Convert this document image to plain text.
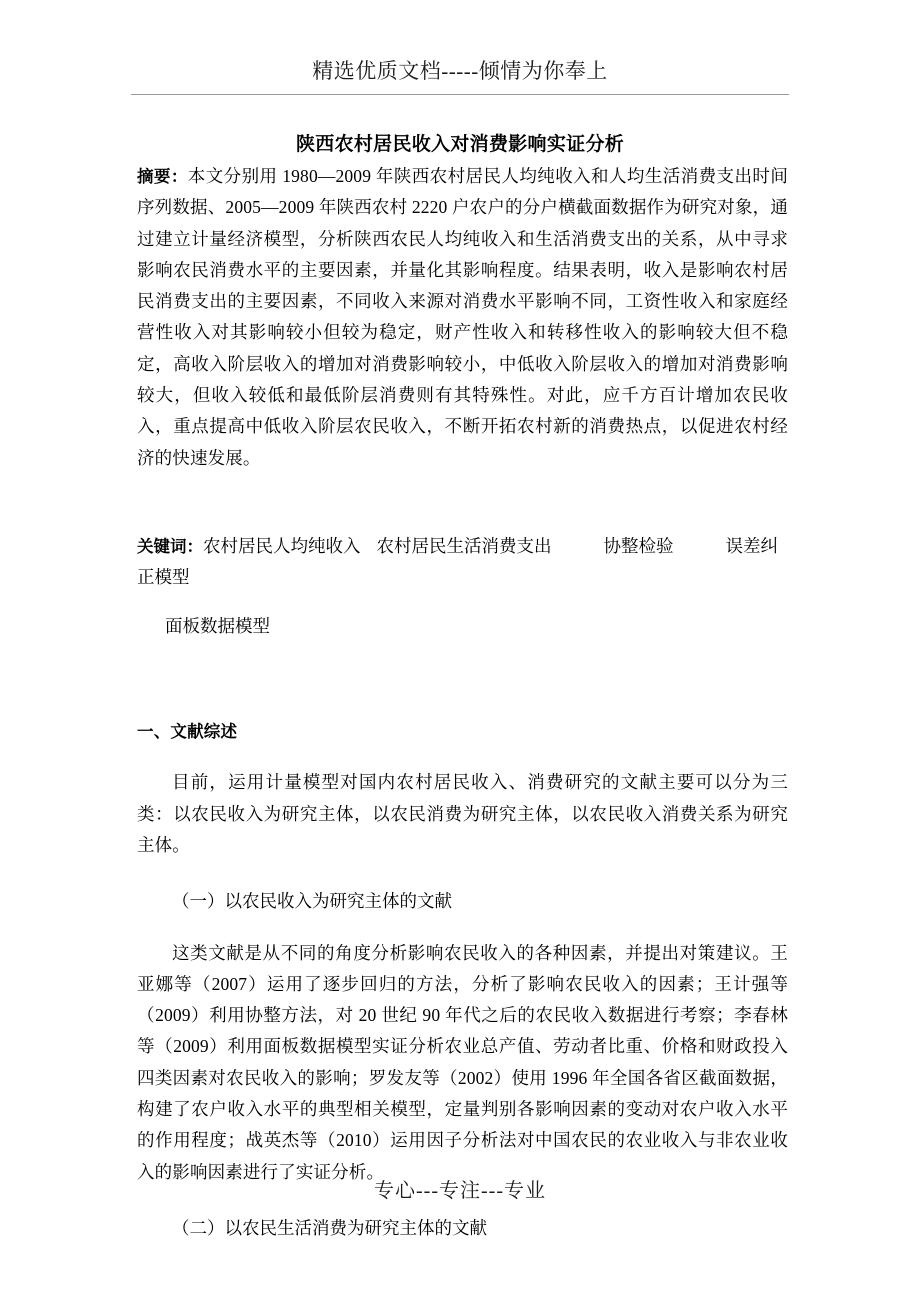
精选优质文档-----倾情为你奉上
陕西农村居民收入对消费影响实证分析

摘要：本文分别用 1980—2009 年陕西农村居民人均纯收入和人均生活消费支出时间序列数据、2005—2009 年陕西农村 2220 户农户的分户横截面数据作为研究对象，通过建立计量经济模型，分析陕西农民人均纯收入和生活消费支出的关系，从中寻求影响农民消费水平的主要因素，并量化其影响程度。结果表明，收入是影响农村居民消费支出的主要因素，不同收入来源对消费水平影响不同，工资性收入和家庭经营性收入对其影响较小但较为稳定，财产性收入和转移性收入的影响较大但不稳定，高收入阶层收入的增加对消费影响较小，中低收入阶层收入的增加对消费影响较大，但收入较低和最低阶层消费则有其特殊性。对此，应千方百计增加农民收入，重点提高中低收入阶层农民收入，不断开拓农村新的消费热点，以促进农村经济的快速发展。

关键词：农村居民人均纯收入 农村居民生活消费支出	协整检验	误差纠正模型

面板数据模型

一、文献综述

目前，运用计量模型对国内农村居民收入、消费研究的文献主要可以分为三类：以农民收入为研究主体，以农民消费为研究主体，以农民收入消费关系为研究主体。

（一）以农民收入为研究主体的文献

这类文献是从不同的角度分析影响农民收入的各种因素，并提出对策建议。王亚娜等（2007）运用了逐步回归的方法，分析了影响农民收入的因素；王计强等（2009）利用协整方法，对 20 世纪 90 年代之后的农民收入数据进行考察；李春林等（2009）利用面板数据模型实证分析农业总产值、劳动者比重、价格和财政投入四类因素对农民收入的影响；罗发友等（2002）使用 1996 年全国各省区截面数据，构建了农户收入水平的典型相关模型，定量判别各影响因素的变动对农户收入水平的作用程度；战英杰等（2010）运用因子分析法对中国农民的农业收入与非农业收入的影响因素进行了实证分析。

（二）以农民生活消费为研究主体的文献

专心---专注---专业
